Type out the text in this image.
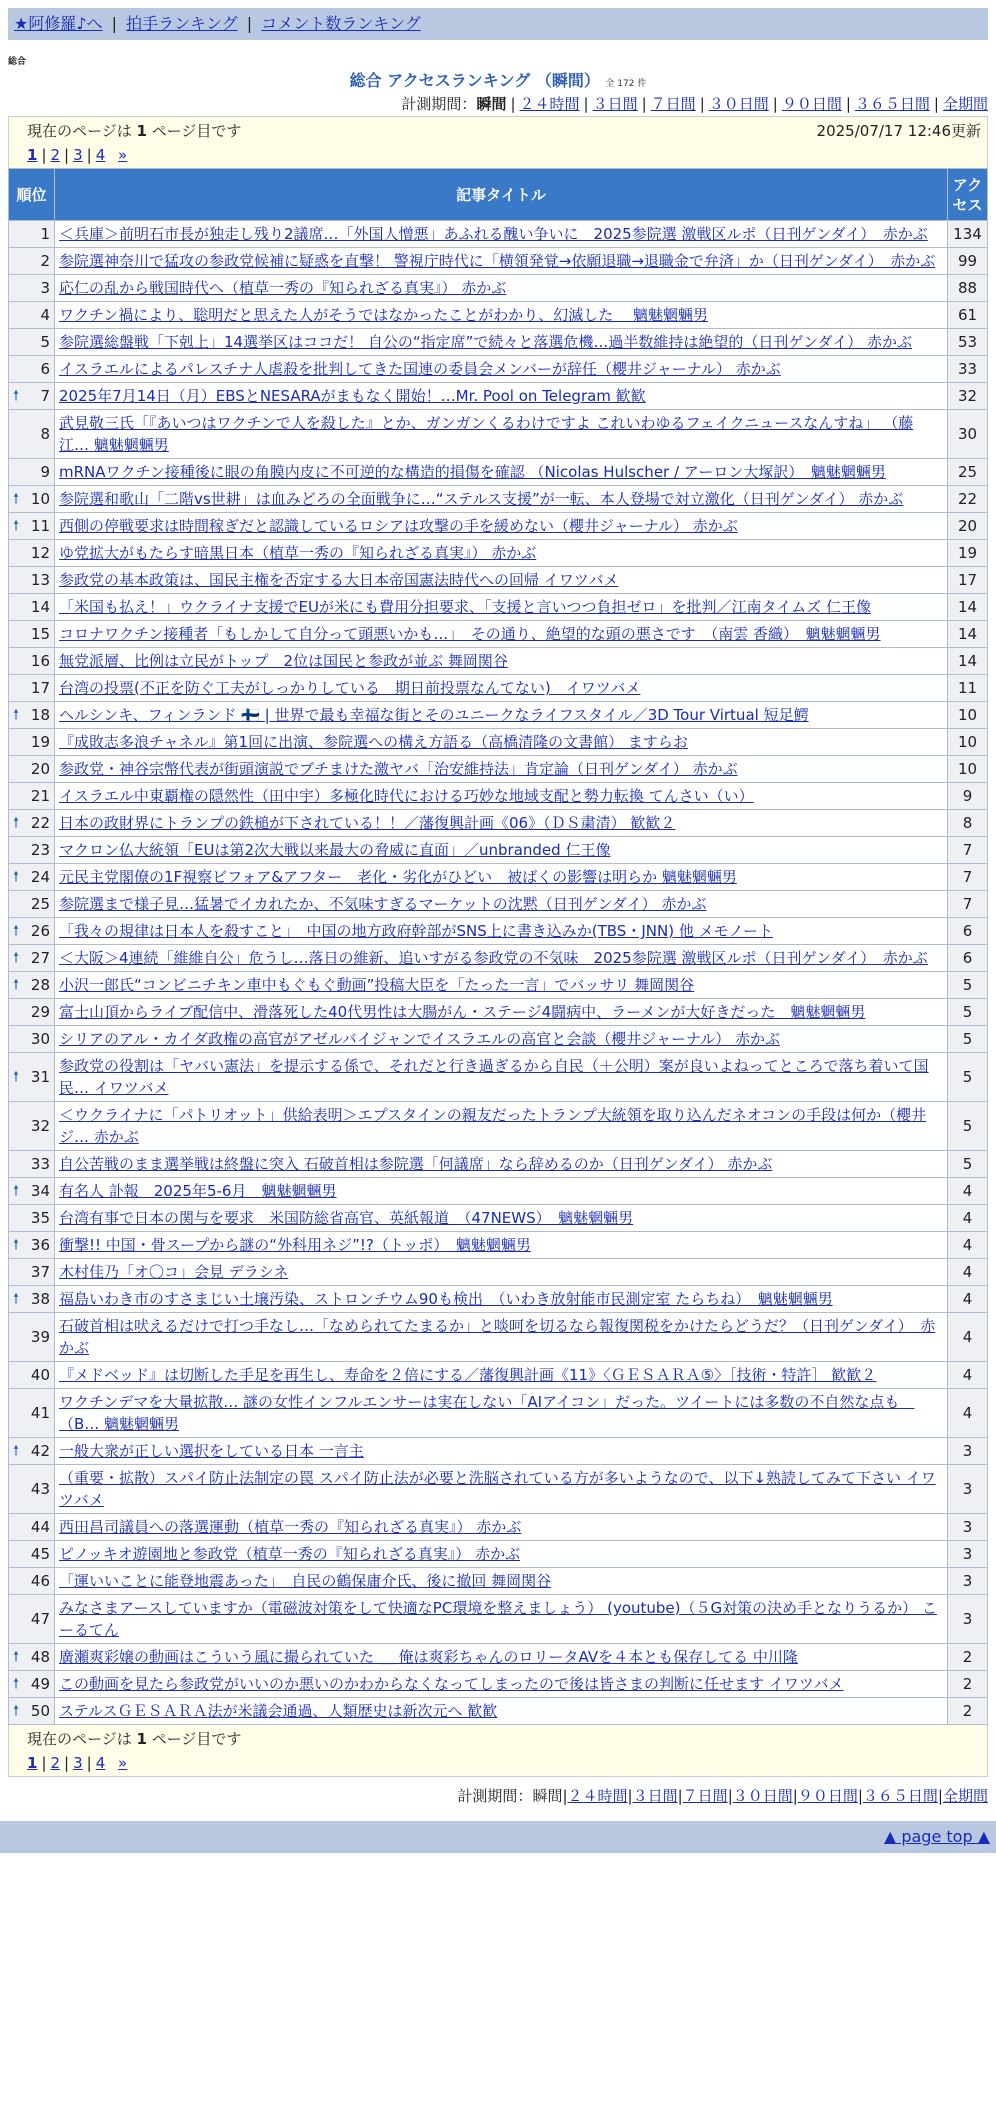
★阿修羅♪へ | 拍手ランキング | コメント数ランキング
総合
総合 アクセスランキング （瞬間） 全 172 件
計測期間：瞬間 | ２４時間 | ３日間 | ７日間 | ３０日間 | ９０日間 | ３６５日間 | 全期間
現在のページは 1 ページ目です	2025/07/17 12:46更新
1 | 2 | 3 | 4 »
順位	記事タイトル	アクセス
1	＜兵庫＞前明石市長が独走し残り2議席…「外国人憎悪」あふれる醜い争いに　2025参院選 激戦区ルポ（日刊ゲンダイ）　赤かぶ	134
2	参院選神奈川で猛攻の参政党候補に疑惑を直撃！ 警視庁時代に「横領発覚→依願退職→退職金で弁済」か（日刊ゲンダイ）　赤かぶ	99
3	応仁の乱から戦国時代へ（植草一秀の『知られざる真実』） 赤かぶ	88
4	ワクチン禍により、聡明だと思えた人がそうではなかったことがわかり、幻滅した　 魑魅魍魎男	61
5	参院選総盤戦「下剋上」14選挙区はココだ！ 自公の“指定席”で続々と落選危機…過半数維持は絶望的（日刊ゲンダイ） 赤かぶ	53
6	イスラエルによるパレスチナ人虐殺を批判してきた国連の委員会メンバーが辞任（櫻井ジャーナル） 赤かぶ	33

🠕 7	2025年7月14日（月）EBSとNESARAがまもなく開始！…Mr. Pool on Telegram 歓歓	32
8	武見敬三氏「『あいつはワクチンで人を殺した』とか、ガンガンくるわけですよ これいわゆるフェイクニュースなんすね」 （藤江… 魑魅魍魎男	30
9	mRNAワクチン接種後に眼の角膜内皮に不可逆的な構造的損傷を確認 （Nicolas Hulscher / アーロン大塚訳）　魑魅魍魎男	25

🠕 10	参院選和歌山「二階vs世耕」は血みどろの全面戦争に…“ステルス支援”が一転、本人登場で対立激化（日刊ゲンダイ） 赤かぶ	22

🠕 11	西側の停戦要求は時間稼ぎだと認識しているロシアは攻撃の手を緩めない（櫻井ジャーナル） 赤かぶ	20
12	ゆ党拡大がもたらす暗黒日本（植草一秀の『知られざる真実』） 赤かぶ	19
13	参政党の基本政策は、国民主権を否定する大日本帝国憲法時代への回帰 イワツバメ	17
14	「米国も払え！」ウクライナ支援でEUが米にも費用分担要求、「支援と言いつつ負担ゼロ」を批判／江南タイムズ 仁王像	14
15	コロナワクチン接種者「もしかして自分って頭悪いかも…」　その通り、絶望的な頭の悪さです　（南雲 香織）　魑魅魍魎男	14
16	無党派層、比例は立民がトップ　2位は国民と参政が並ぶ 舞岡関谷	14
17	台湾の投票(不正を防ぐ工夫がしっかりしている　期日前投票なんてない)　イワツバメ	11

🠕 18	ヘルシンキ、フィンランド 🇫🇮 | 世界で最も幸福な街とそのユニークなライフスタイル／3D Tour Virtual 短足鰐	10
19	『成敗志多浪チャネル』第1回に出演、参院選への構え方語る（高橋清隆の文書館） ますらお	10
20	参政党・神谷宗幣代表が街頭演説でブチまけた激ヤバ「治安維持法」肯定論（日刊ゲンダイ） 赤かぶ	10
21	イスラエル中東覇権の隠然性（田中宇）多極化時代における巧妙な地域支配と勢力転換 てんさい（い）	9

🠕 22	日本の政財界にトランプの鉄槌が下されている！！／藩復興計画《06》（ＤＳ粛清） 歓歓２	8
23	マクロン仏大統領「EUは第2次大戦以来最大の脅威に直面」／unbranded 仁王像	7

🠕 24	元民主党閣僚の1F視察ビフォア&アフター　老化・劣化がひどい　被ばくの影響は明らか 魑魅魍魎男	7
25	参院選まで様子見…猛暑でイカれたか、不気味すぎるマーケットの沈黙（日刊ゲンダイ） 赤かぶ	7

🠕 26	「我々の規律は日本人を殺すこと」　中国の地方政府幹部がSNS上に書き込みか(TBS・JNN) 他 メモノート	6

🠕 27	＜大阪＞4連続「維維自公」危うし…落日の維新、追いすがる参政党の不気味　2025参院選 激戦区ルポ（日刊ゲンダイ）　赤かぶ	6

🠕 28	小沢一郎氏“コンビニチキン車中もぐもぐ動画”投稿大臣を「たった一言」でバッサリ 舞岡関谷	5
29	富士山頂からライブ配信中、滑落死した40代男性は大腸がん・ステージ4闘病中、ラーメンが大好きだった　魑魅魍魎男	5
30	シリアのアル・カイダ政権の高官がアゼルバイジャンでイスラエルの高官と会談（櫻井ジャーナル） 赤かぶ	5

🠕 31	参政党の役割は「ヤバい憲法」を提示する係で、それだと行き過ぎるから自民（＋公明）案が良いよねってところで落ち着いて国民… イワツバメ	5
32	＜ウクライナに「パトリオット」供給表明＞エプスタインの親友だったトランプ大統領を取り込んだネオコンの手段は何か（櫻井ジ… 赤かぶ	5
33	自公苦戦のまま選挙戦は終盤に突入 石破首相は参院選「何議席」なら辞めるのか（日刊ゲンダイ） 赤かぶ	5

🠕 34	有名人 訃報　2025年5-6月　魑魅魍魎男	4
35	台湾有事で日本の関与を要求　米国防総省高官、英紙報道　（47NEWS）　魑魅魍魎男	4

🠕 36	衝撃!! 中国・骨スープから謎の“外科用ネジ”!?（トッポ）　魑魅魍魎男	4
37	木村佳乃「オ〇コ」会見 デラシネ	4

🠕 38	福島いわき市のすさまじい土壌汚染、ストロンチウム90も検出　（いわき放射能市民測定室 たらちね）　魑魅魍魎男	4
39	石破首相は吠えるだけで打つ手なし…「なめられてたまるか」と啖呵を切るなら報復関税をかけたらどうだ？（日刊ゲンダイ）　赤かぶ	4
40	『メドベッド』は切断した手足を再生し、寿命を２倍にする／藩復興計画《11》〈ＧＥＳＡＲＡ⑤〉［技術・特許］ 歓歓２	4
41	ワクチンデマを大量拡散… 謎の女性インフルエンサーは実在しない「AIアイコン」だった。ツイートには多数の不自然な点も　（B… 魑魅魍魎男	4

🠕 42	一般大衆が正しい選択をしている日本 一言主	3
43	（重要・拡散）スパイ防止法制定の罠 スパイ防止法が必要と洗脳されている方が多いようなので、以下↓熟読してみて下さい イワツバメ	3
44	西田昌司議員への落選運動（植草一秀の『知られざる真実』） 赤かぶ	3
45	ピノッキオ遊園地と参政党（植草一秀の『知られざる真実』） 赤かぶ	3
46	「運いいことに能登地震あった」　自民の鶴保庸介氏、後に撤回 舞岡関谷	3
47	みなさまアースしていますか（電磁波対策をして快適なPC環境を整えましょう） (youtube)（５G対策の決め手となりうるか） こーるてん	3

🠕 48	廣瀬爽彩嬢の動画はこういう風に撮られていた ＿ 俺は爽彩ちゃんのロリータAVを４本とも保存してる 中川隆	2

🠕 49	この動画を見たら参政党がいいのか悪いのかわからなくなってしまったので後は皆さまの判断に任せます イワツバメ	2

🠕 50	ステルスＧＥＳＡＲＡ法が米議会通過、人類歴史は新次元へ 歓歓	2
現在のページは 1 ページ目です
1 | 2 | 3 | 4 »
計測期間：瞬間|２４時間|３日間|７日間|３０日間|９０日間|３６５日間|全期間
▲ page top ▲
